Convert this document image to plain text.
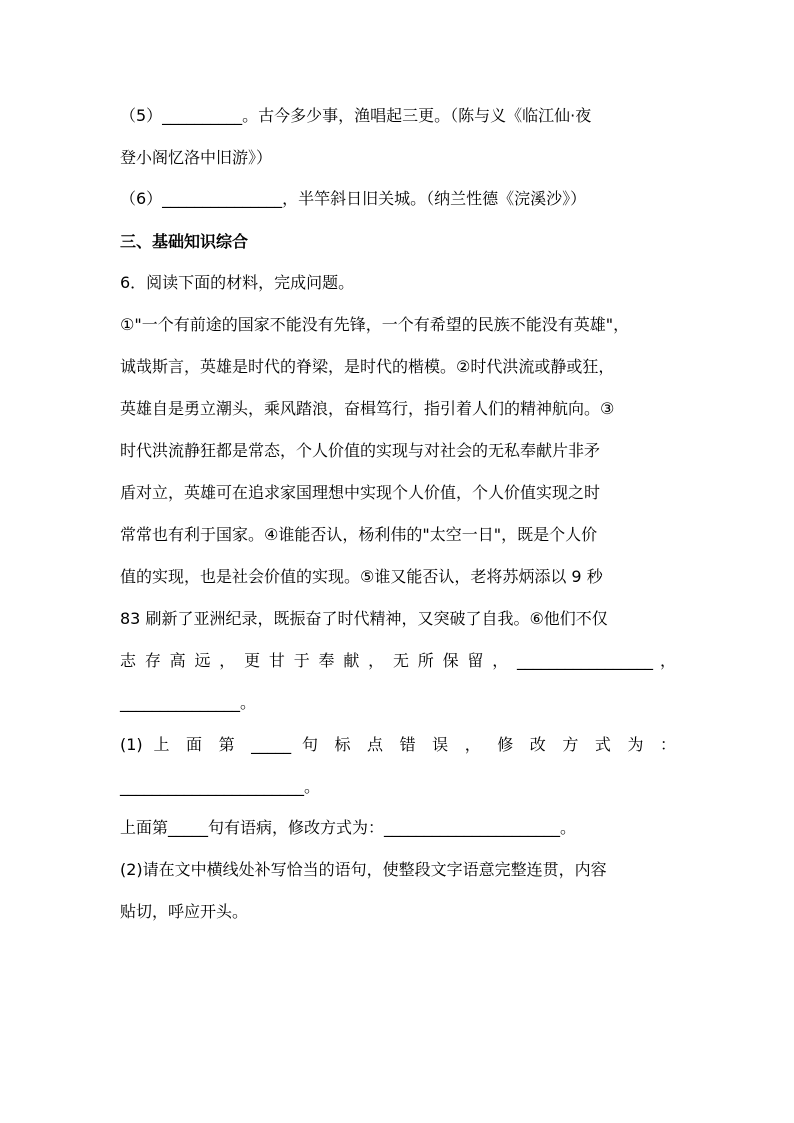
（5）__________。古今多少事，渔唱起三更。（陈与义《临江仙·夜
登小阁忆洛中旧游》）
（6）_______________，半竿斜日旧关城。（纳兰性德《浣溪沙》）
三、基础知识综合
6．阅读下面的材料，完成问题。
①"一个有前途的国家不能没有先锋，一个有希望的民族不能没有英雄"，
诚哉斯言，英雄是时代的脊梁，是时代的楷模。②时代洪流或静或狂，
英雄自是勇立潮头，乘风踏浪，奋楫笃行，指引着人们的精神航向。③
时代洪流静狂都是常态，个人价值的实现与对社会的无私奉献片非矛
盾对立，英雄可在追求家国理想中实现个人价值，个人价值实现之时
常常也有利于国家。④谁能否认，杨利伟的"太空一日"，既是个人价
值的实现，也是社会价值的实现。⑤谁又能否认，老将苏炳添以 9 秒
83 刷新了亚洲纪录，既振奋了时代精神，又突破了自我。⑥他们不仅
志 存 高 远 ， 更 甘 于 奉 献 ， 无 所 保 留 ， _________________ ，
_______________。
(1) 上 面 第 _____ 句 标 点 错 误 ， 修 改 方 式 为 ：
_______________________。
上面第_____句有语病，修改方式为：______________________。
(2)请在文中横线处补写恰当的语句，使整段文字语意完整连贯，内容
贴切，呼应开头。
